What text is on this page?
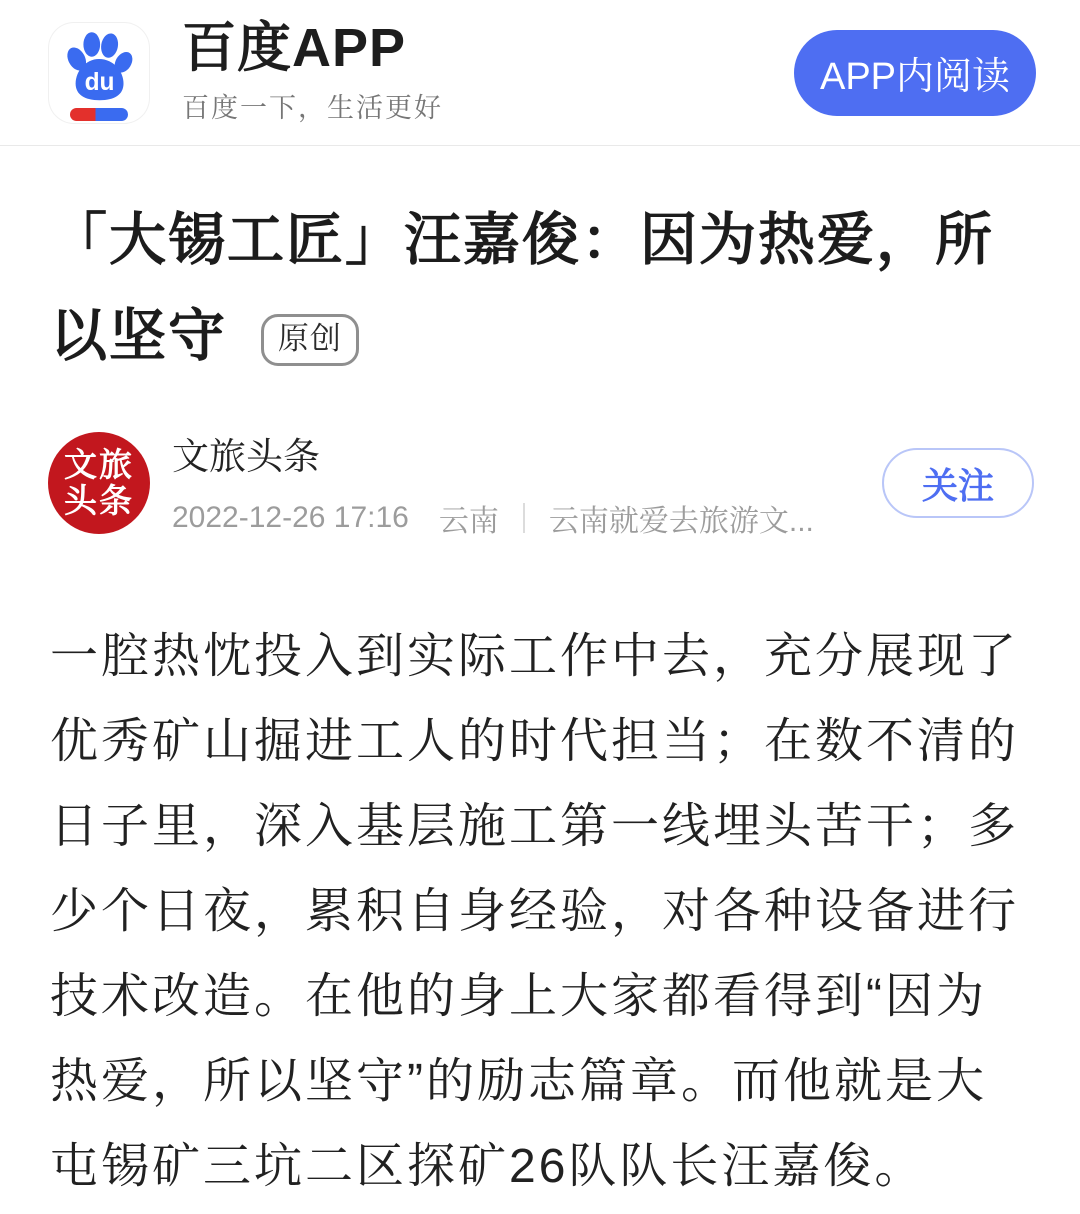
du
百度APP
百度一下，生活更好
APP内阅读
「大锡工匠」汪嘉俊：因为热爱，所以坚守 原创
文旅
头条
文旅头条
2022-12-26 17:16 云南 云南就爱去旅游文...
关注
一腔热忱投入到实际工作中去，充分展现了优秀矿山掘进工人的时代担当；在数不清的日子里，深入基层施工第一线埋头苦干；多少个日夜，累积自身经验，对各种设备进行技术改造。在他的身上大家都看得到“因为热爱，所以坚守”的励志篇章。而他就是大屯锡矿三坑二区探矿26队队长汪嘉俊。
